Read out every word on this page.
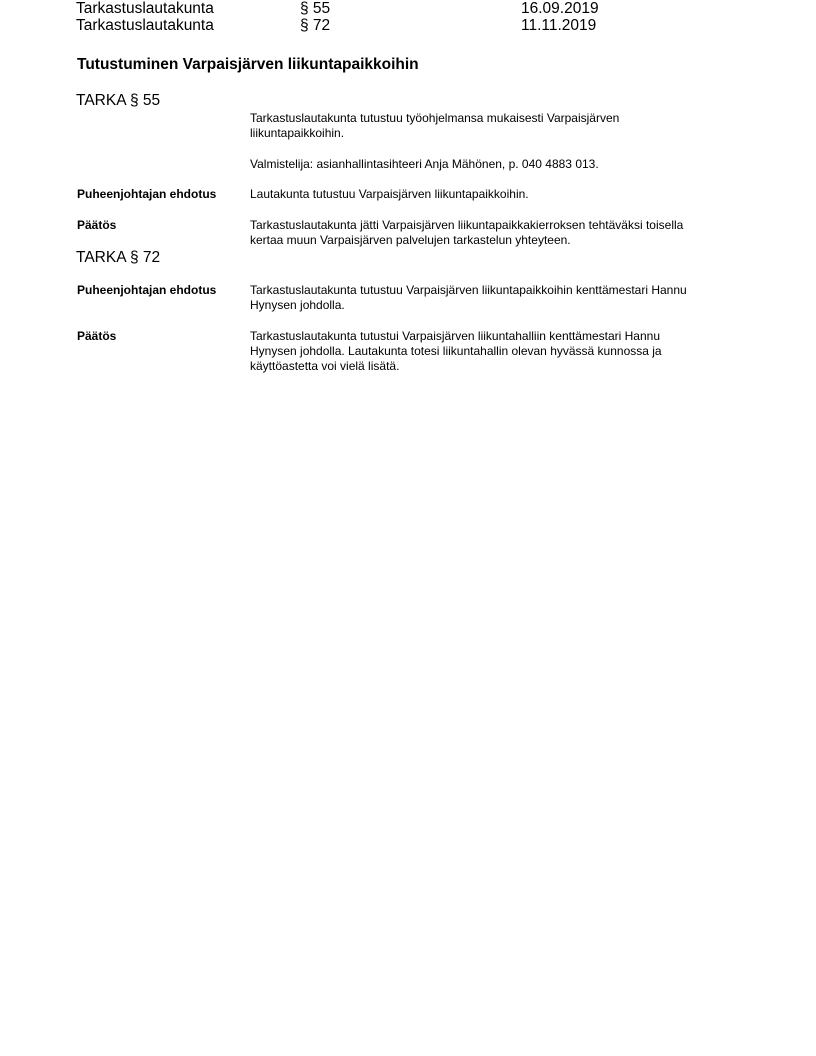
Tarkastuslautakunta	§ 55	16.09.2019
Tarkastuslautakunta	§ 72	11.11.2019
Tutustuminen Varpaisjärven liikuntapaikkoihin
TARKA § 55
Tarkastuslautakunta tutustuu työohjelmansa mukaisesti Varpaisjärven
liikuntapaikkoihin.
Valmistelija: asianhallintasihteeri Anja Mähönen, p. 040 4883 013.
Puheenjohtajan ehdotus	Lautakunta tutustuu Varpaisjärven liikuntapaikkoihin.
Päätös	Tarkastuslautakunta jätti Varpaisjärven liikuntapaikkakierroksen tehtäväksi toisella
kertaa muun Varpaisjärven palvelujen tarkastelun yhteyteen.
TARKA § 72
Puheenjohtajan ehdotus	Tarkastuslautakunta tutustuu Varpaisjärven liikuntapaikkoihin kenttämestari Hannu
Hynysen johdolla.
Päätös	Tarkastuslautakunta tutustui Varpaisjärven liikuntahalliin kenttämestari Hannu
Hynysen johdolla. Lautakunta totesi liikuntahallin olevan hyvässä kunnossa ja
käyttöastetta voi vielä lisätä.
